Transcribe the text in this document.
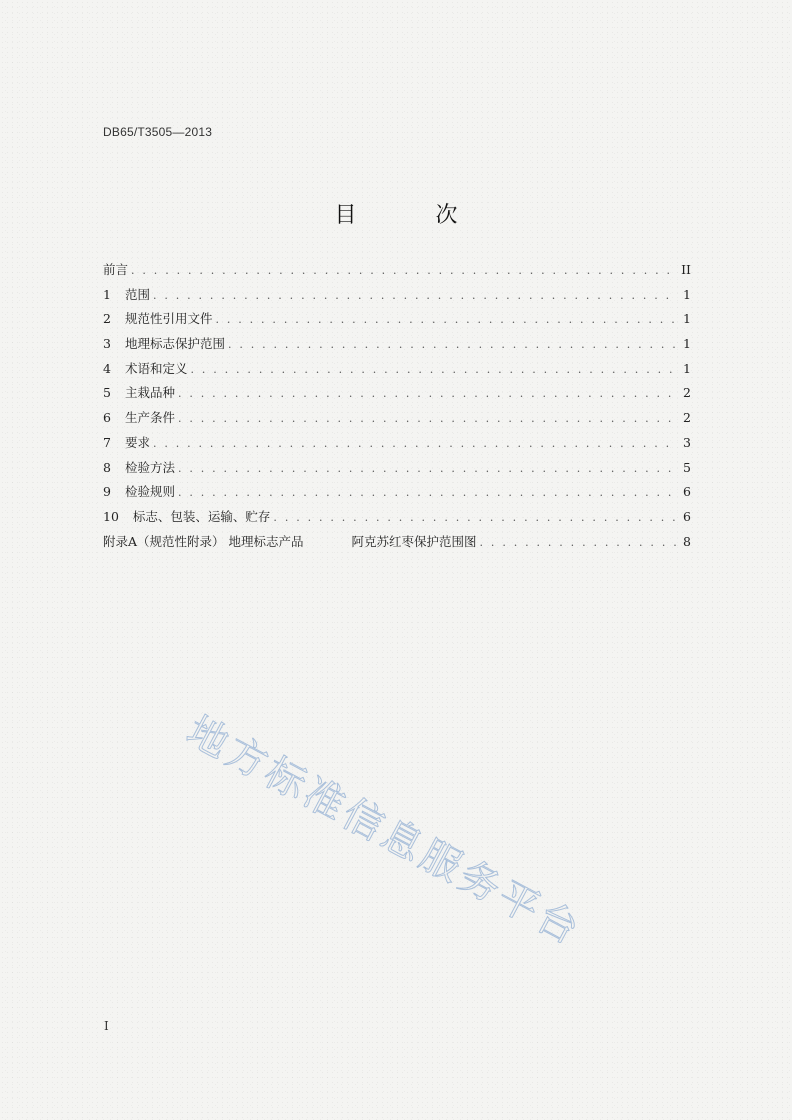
DB65/T3505—2013
目 次
前言 . . .	II
1 范围 . . .	1
2 规范性引用文件 . . .	1
3 地理标志保护范围 . . .	1
4 术语和定义 . . .	1
5 主栽品种 . . .	2
6 生产条件 . . .	2
7 要求 . . .	3
8 检验方法 . . .	5
9 检验规则 . . .	6
10 标志、包装、运输、贮存 . . .	6
附录A（规范性附录） 地理标志产品	阿克苏红枣保护范围图 . . .	8
地方标准信息服务平台
I
